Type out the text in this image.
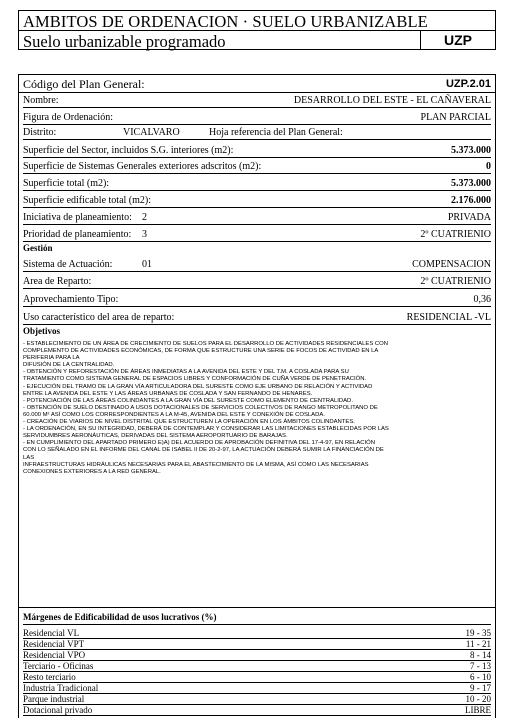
AMBITOS DE ORDENACION · SUELO URBANIZABLE
Suelo urbanizable programado	UZP
Código del Plan General:	UZP.2.01
Nombre:	DESARROLLO DEL ESTE - EL CAÑAVERAL
Figura de Ordenación:	PLAN PARCIAL
Distrito:	VICALVARO	Hoja referencia del Plan General:
Superficie del Sector, incluidos S.G. interiores (m2):	5.373.000
Superficie de Sistemas Generales exteriores adscritos (m2):	0
Superficie total (m2):	5.373.000
Superficie edificable total (m2):	2.176.000
Iniciativa de planeamiento: 2	PRIVADA
Prioridad de planeamiento: 3	2º CUATRIENIO
Gestión
Sistema de Actuación:	01	COMPENSACION
Area de Reparto:	2º CUATRIENIO
Aprovechamiento Tipo:	0,36
Uso característico del area de reparto:	RESIDENCIAL -VL
Objetivos

- ESTABLECIMIENTO DE UN ÁREA DE CRECIMIENTO DE SUELOS PARA EL DESARROLLO DE ACTIVIDADES RESIDENCIALES CON

COMPLEMENTO DE ACTIVIDADES ECONÓMICAS, DE FORMA QUE ESTRUCTURE UNA SERIE DE FOCOS DE ACTIVIDAD EN LA

PERIFERIA PARA LA

DIFUSIÓN DE LA CENTRALIDAD.

- OBTENCIÓN Y REFORESTACIÓN DE ÁREAS INMEDIATAS A LA AVENIDA DEL ESTE Y DEL T.M. A COSLADA PARA SU

TRATAMIENTO COMO SISTEMA GENERAL DE ESPACIOS LIBRES Y CONFORMACIÓN DE CUÑA VERDE DE PENETRACIÓN.

- EJECUCIÓN DEL TRAMO DE LA GRAN VÍA ARTICULADORA DEL SURESTE COMO EJE URBANO DE RELACIÓN Y ACTIVIDAD

ENTRE LA AVENIDA DEL ESTE Y LAS ÁREAS URBANAS DE COSLADA Y SAN FERNANDO DE HENARES.

- POTENCIACIÓN DE LAS ÁREAS COLINDANTES A LA GRAN VÍA DEL SURESTE COMO ELEMENTO DE CENTRALIDAD.

- OBTENCIÓN DE SUELO DESTINADO A USOS DOTACIONALES DE SERVICIOS COLECTIVOS DE RANGO METROPOLITANO DE

60.000 M² ASÍ COMO LOS CORRESPONDIENTES A LA M-45, AVENIDA DEL ESTE Y CONEXIÓN DE COSLADA.

- CREACIÓN DE VIARIOS DE NIVEL DISTRITAL QUE ESTRUCTUREN LA OPERACIÓN EN LOS ÁMBITOS COLINDANTES.

- LA ORDENACIÓN, EN SU INTEGRIDAD, DEBERÁ DE CONTEMPLAR Y CONSIDERAR LAS LIMITACIONES ESTABLECIDAS POR LAS

SERVIDUMBRES AERONÁUTICAS, DERIVADAS DEL SISTEMA AEROPORTUARIO DE BARAJAS.

- EN CUMPLIMIENTO DEL APARTADO PRIMERO E)A) DEL ACUERDO DE APROBACIÓN DEFINITIVA DEL 17-4-97, EN RELACIÓN

CON LO SEÑALADO EN EL INFORME DEL CANAL DE ISABEL II DE 20-2-97, LA ACTUACIÓN DEBERÁ SUMIR LA FINANCIACIÓN DE

LAS

INFRAESTRUCTURAS HIDRÁULICAS NECESARIAS PARA EL ABASTECIMIENTO DE LA MISMA, ASÍ COMO LAS NECESARIAS

CONEXIONES EXTERIORES A LA RED GENERAL.

Márgenes de Edificabilidad de usos lucrativos (%)
Residencial VL	19 - 35
Residencial VPT	11 - 21
Residencial VPO	8 - 14
Terciario - Oficinas	7 - 13
Resto terciario	6 - 10
Industria Tradicional	9 - 17
Parque industrial	10 - 20
Dotacional privado	LIBRE
